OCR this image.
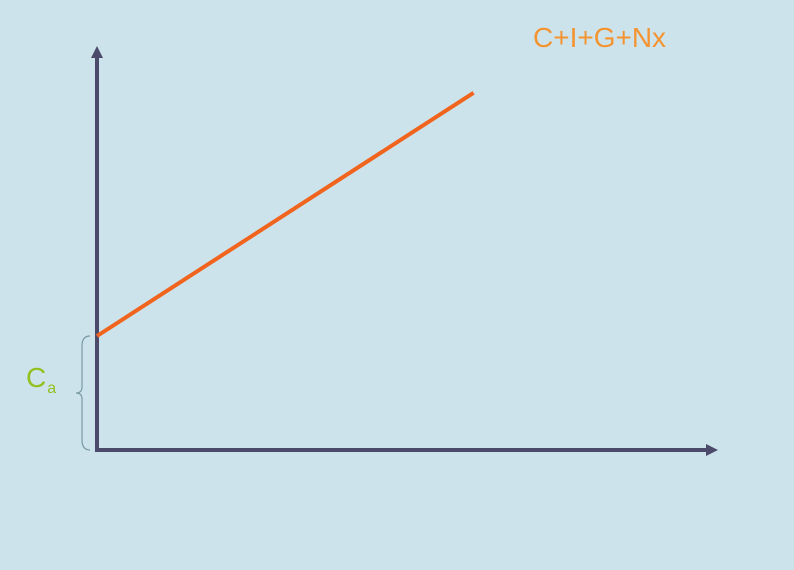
C+I+G+Nx
$C_a$
